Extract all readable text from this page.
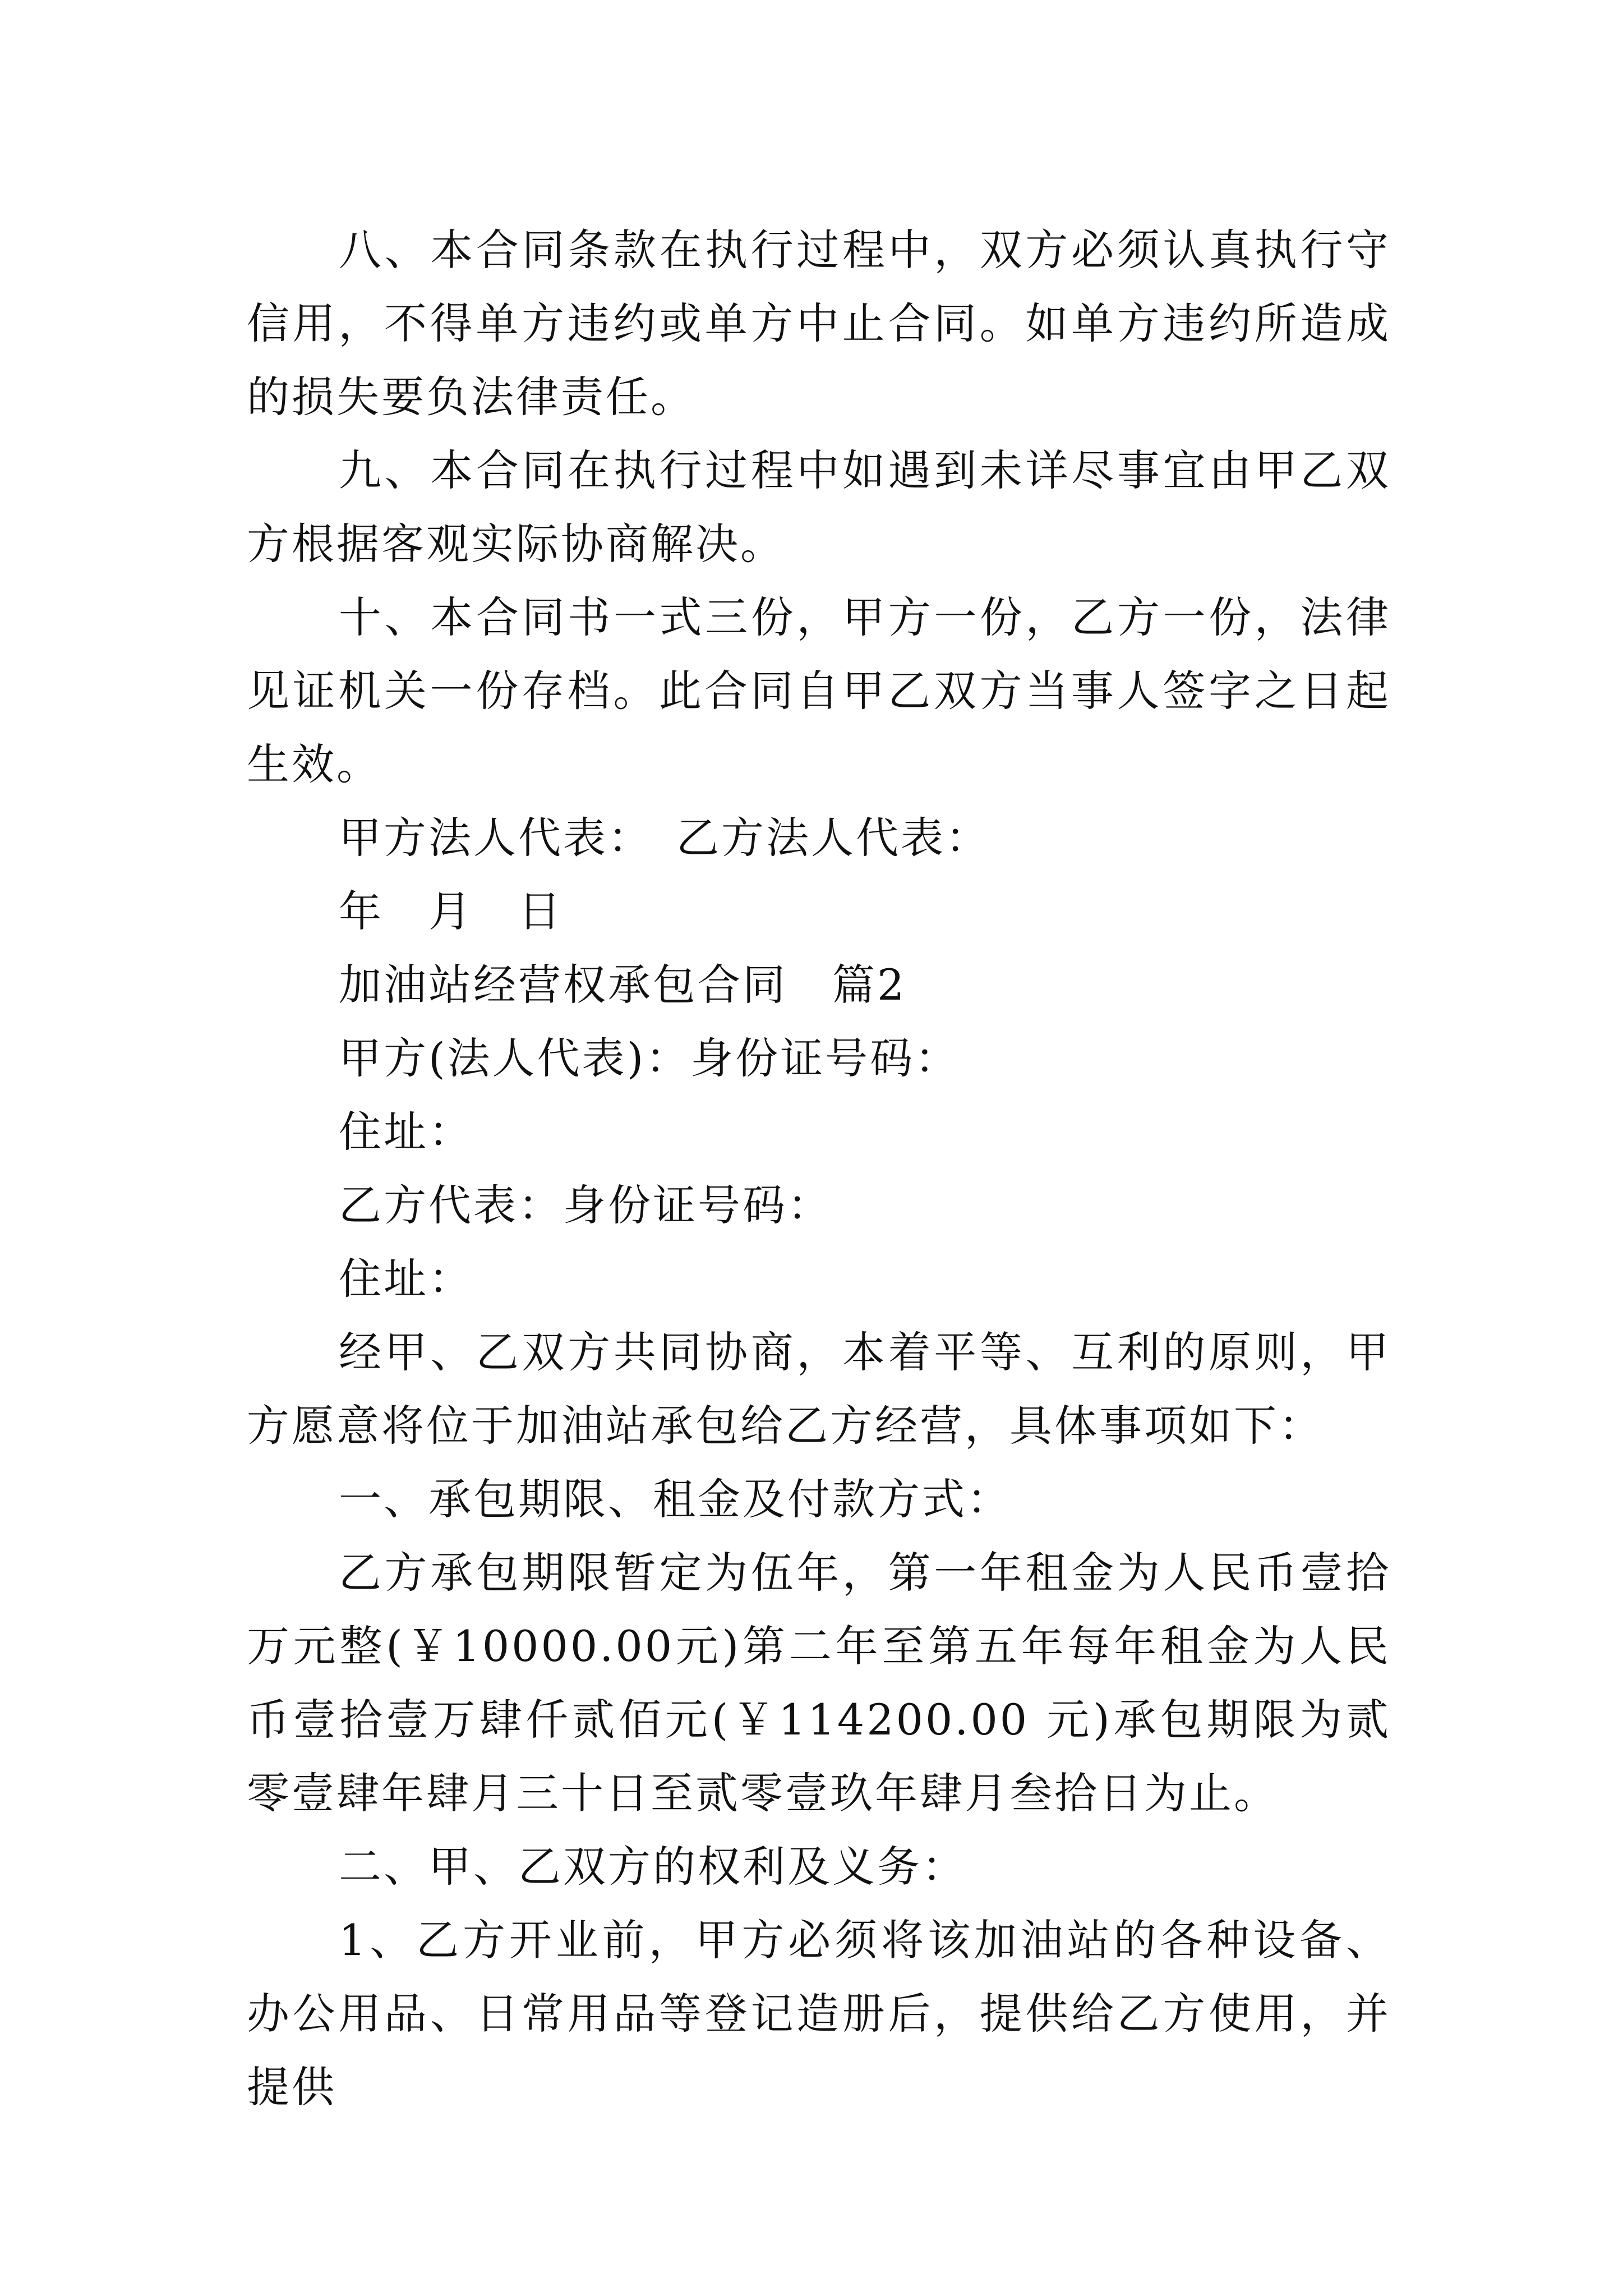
八、本合同条款在执行过程中，双方必须认真执行守信用，不得单方违约或单方中止合同。如单方违约所造成的损失要负法律责任。

九、本合同在执行过程中如遇到未详尽事宜由甲乙双方根据客观实际协商解决。

十、本合同书一式三份，甲方一份，乙方一份，法律见证机关一份存档。此合同自甲乙双方当事人签字之日起生效。

甲方法人代表：　乙方法人代表：

年　月　日

加油站经营权承包合同　篇2

甲方(法人代表)：身份证号码：

住址：

乙方代表：身份证号码：

住址：

经甲、乙双方共同协商，本着平等、互利的原则，甲方愿意将位于加油站承包给乙方经营，具体事项如下：

一、承包期限、租金及付款方式：

乙方承包期限暂定为伍年，第一年租金为人民币壹拾万元整(￥10000.00元)第二年至第五年每年租金为人民币壹拾壹万肆仟贰佰元(￥114200.00 元)承包期限为贰零壹肆年肆月三十日至贰零壹玖年肆月叁拾日为止。

二、甲、乙双方的权利及义务：

1、乙方开业前，甲方必须将该加油站的各种设备、办公用品、日常用品等登记造册后，提供给乙方使用，并提供
